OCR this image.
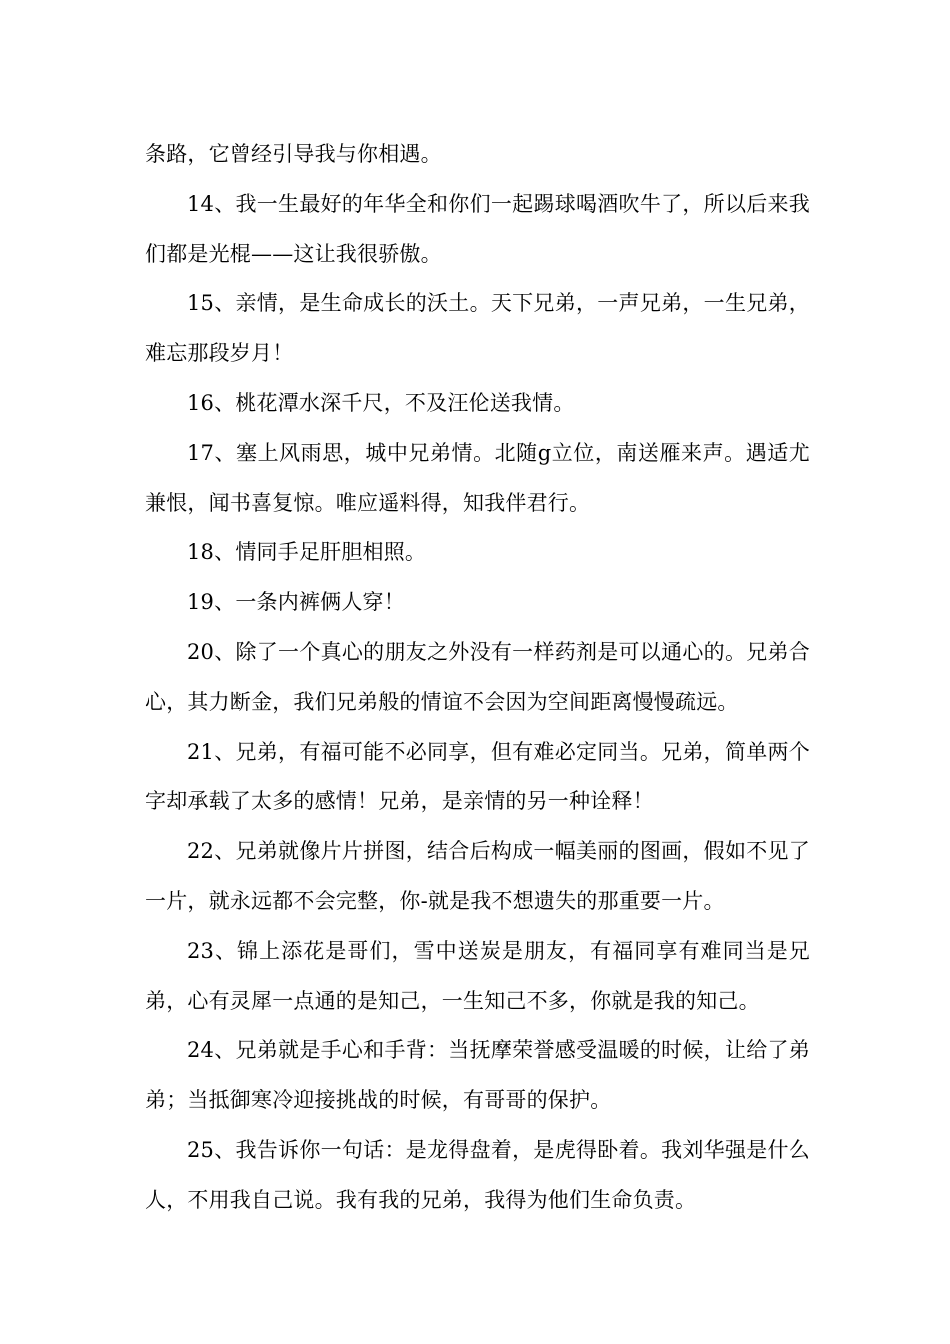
条路，它曾经引导我与你相遇。

14、我一生最好的年华全和你们一起踢球喝酒吹牛了，所以后来我们都是光棍——这让我很骄傲。

15、亲情，是生命成长的沃土。天下兄弟，一声兄弟，一生兄弟，难忘那段岁月！

16、桃花潭水深千尺，不及汪伦送我情。

17、塞上风雨思，城中兄弟情。北随g立位，南送雁来声。遇适尤兼恨，闻书喜复惊。唯应遥料得，知我伴君行。

18、情同手足肝胆相照。

19、一条内裤俩人穿！

20、除了一个真心的朋友之外没有一样药剂是可以通心的。兄弟合心，其力断金，我们兄弟般的情谊不会因为空间距离慢慢疏远。

21、兄弟，有福可能不必同享，但有难必定同当。兄弟，简单两个字却承载了太多的感情！兄弟，是亲情的另一种诠释！

22、兄弟就像片片拼图，结合后构成一幅美丽的图画，假如不见了一片，就永远都不会完整，你-就是我不想遗失的那重要一片。

23、锦上添花是哥们，雪中送炭是朋友，有福同享有难同当是兄弟，心有灵犀一点通的是知己，一生知己不多，你就是我的知己。

24、兄弟就是手心和手背：当抚摩荣誉感受温暖的时候，让给了弟弟；当抵御寒冷迎接挑战的时候，有哥哥的保护。

25、我告诉你一句话：是龙得盘着，是虎得卧着。我刘华强是什么人，不用我自己说。我有我的兄弟，我得为他们生命负责。
